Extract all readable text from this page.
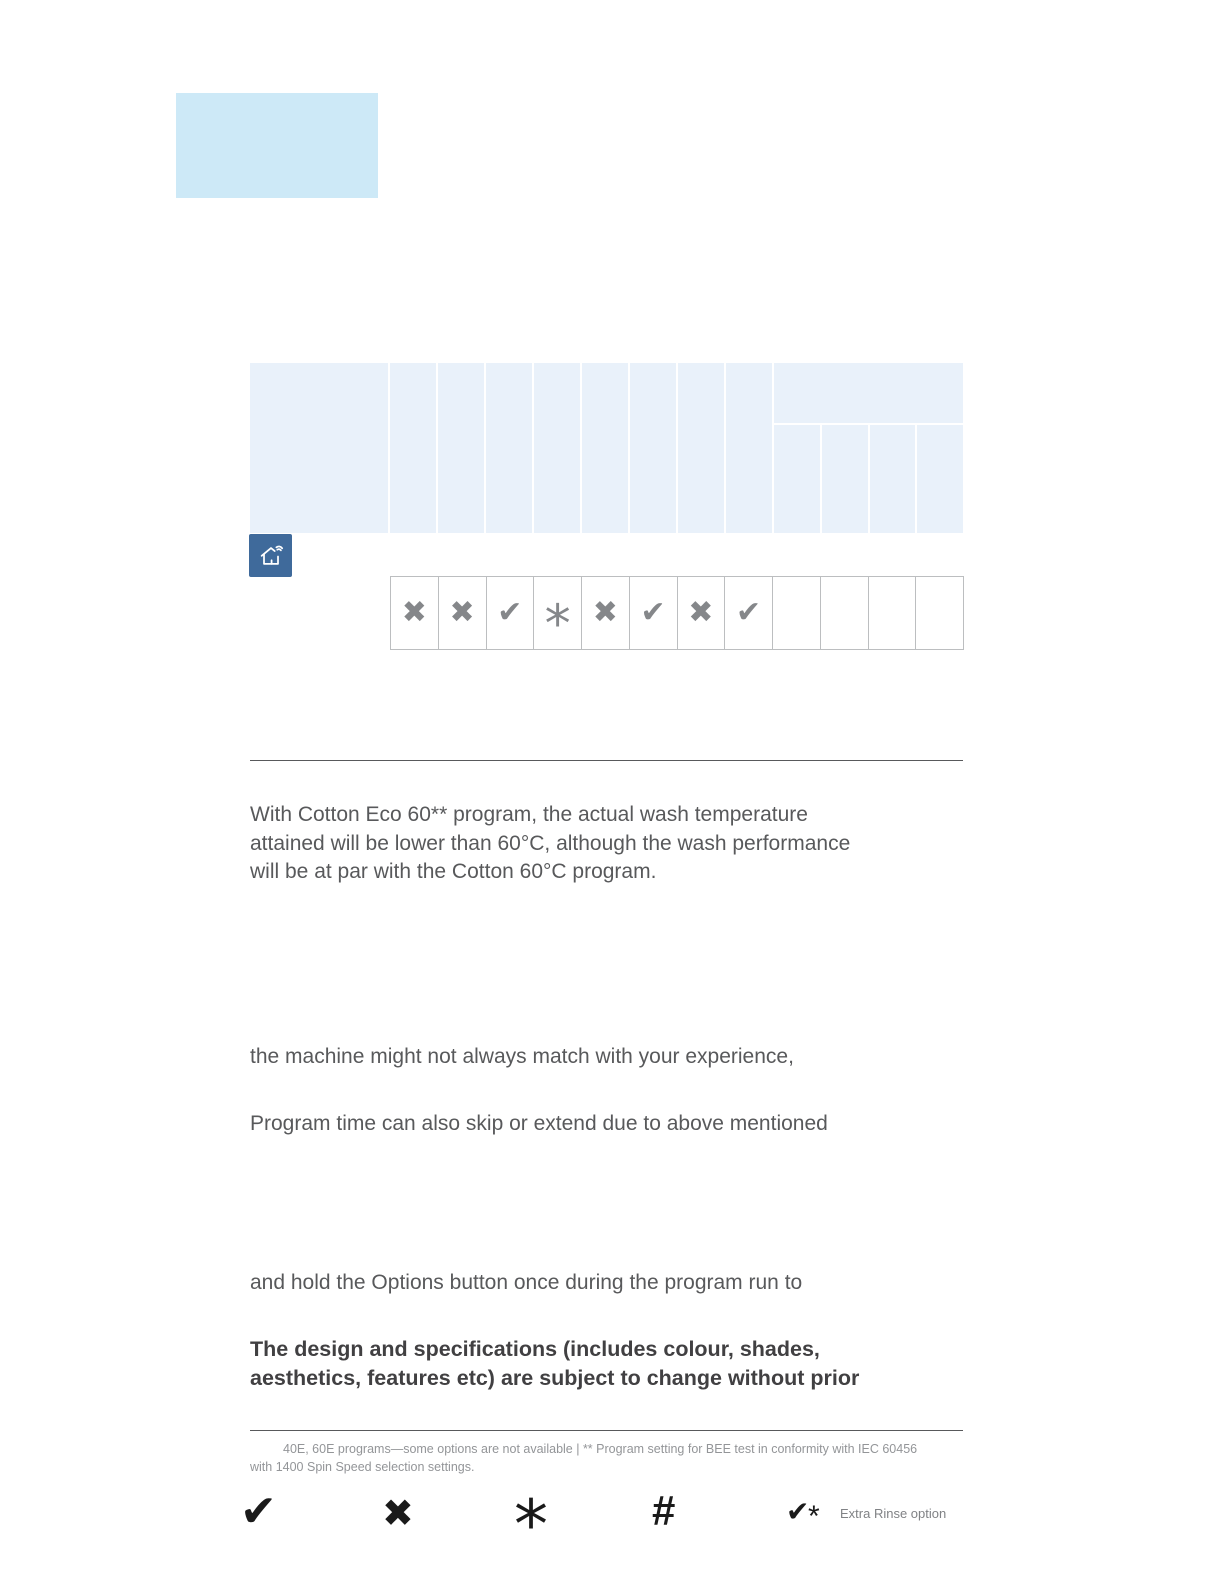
✖ ✖ ✔ * ✖ ✔ ✖ ✔
With Cotton Eco 60** program, the actual wash temperature
attained will be lower than 60°C, although the wash performance
will be at par with the Cotton 60°C program.
the machine might not always match with your experience,
Program time can also skip or extend due to above mentioned
and hold the Options button once during the program run to
The design and specifications (includes colour, shades,
aesthetics, features etc) are subject to change without prior
40E, 60E programs—some options are not available | ** Program setting for BEE test in conformity with IEC 60456
with 1400 Spin Speed selection settings.
✔	✖ * #	✔
* Extra Rinse option
